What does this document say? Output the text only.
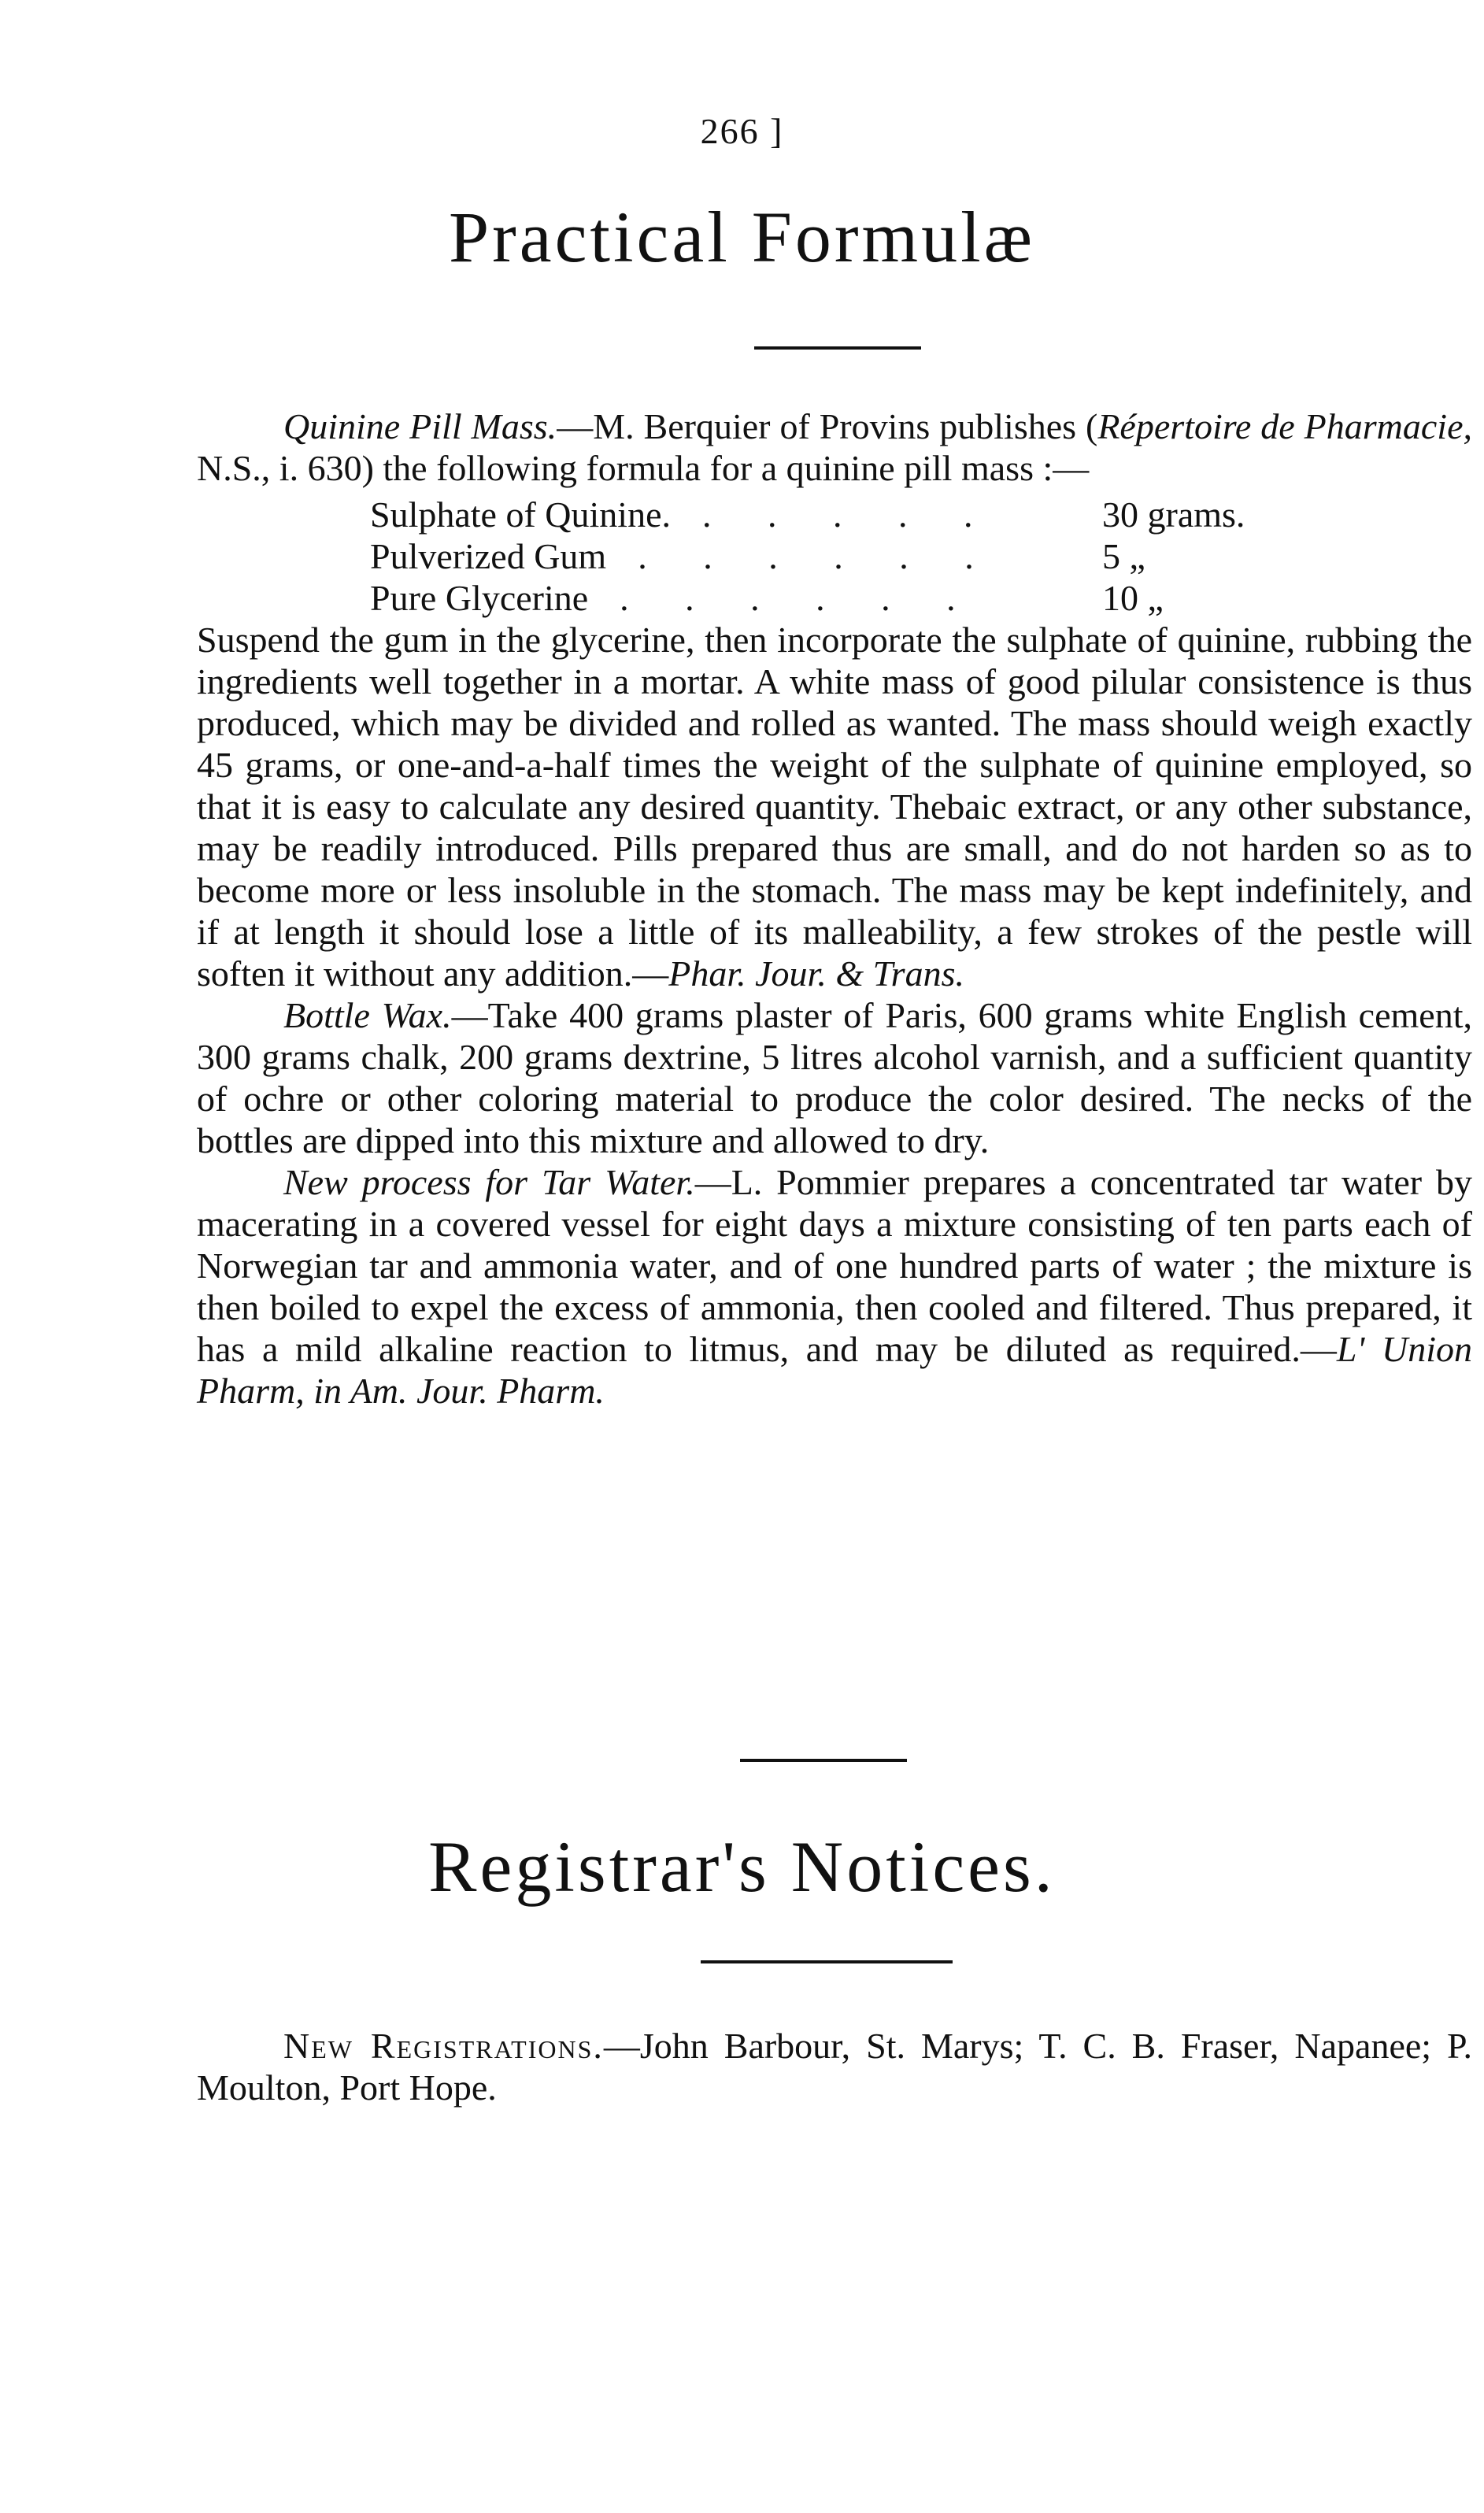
266 ]
Practical Formulæ

Quinine Pill Mass.—M. Berquier of Provins publishes (Répertoire de Pharmacie, N.S., i. 630) the following formula for a quinine pill mass :—

Sulphate of Quinine. . . . . .	30 grams.
Pulverized Gum . . . . . .	5 „
Pure Glycerine . . . . . .	10 „

Suspend the gum in the glycerine, then incorporate the sulphate of quinine, rubbing the ingredients well together in a mortar. A white mass of good pilular consistence is thus produced, which may be divided and rolled as wanted. The mass should weigh exactly 45 grams, or one-and-a-half times the weight of the sulphate of quinine employed, so that it is easy to calculate any desired quantity. Thebaic extract, or any other substance, may be readily introduced. Pills prepared thus are small, and do not harden so as to become more or less insoluble in the stomach. The mass may be kept indefinitely, and if at length it should lose a little of its malleability, a few strokes of the pestle will soften it without any addition.—Phar. Jour. & Trans.

Bottle Wax.—Take 400 grams plaster of Paris, 600 grams white English cement, 300 grams chalk, 200 grams dextrine, 5 litres alcohol varnish, and a sufficient quantity of ochre or other coloring material to produce the color desired. The necks of the bottles are dipped into this mixture and allowed to dry.

New process for Tar Water.—L. Pommier prepares a concentrated tar water by macerating in a covered vessel for eight days a mixture consisting of ten parts each of Norwegian tar and ammonia water, and of one hundred parts of water ; the mixture is then boiled to expel the excess of ammonia, then cooled and filtered. Thus prepared, it has a mild alkaline reaction to litmus, and may be diluted as required.—L' Union Pharm, in Am. Jour. Pharm.

Registrar's Notices.

New Registrations.—John Barbour, St. Marys; T. C. B. Fraser, Napanee; P. Moulton, Port Hope.
